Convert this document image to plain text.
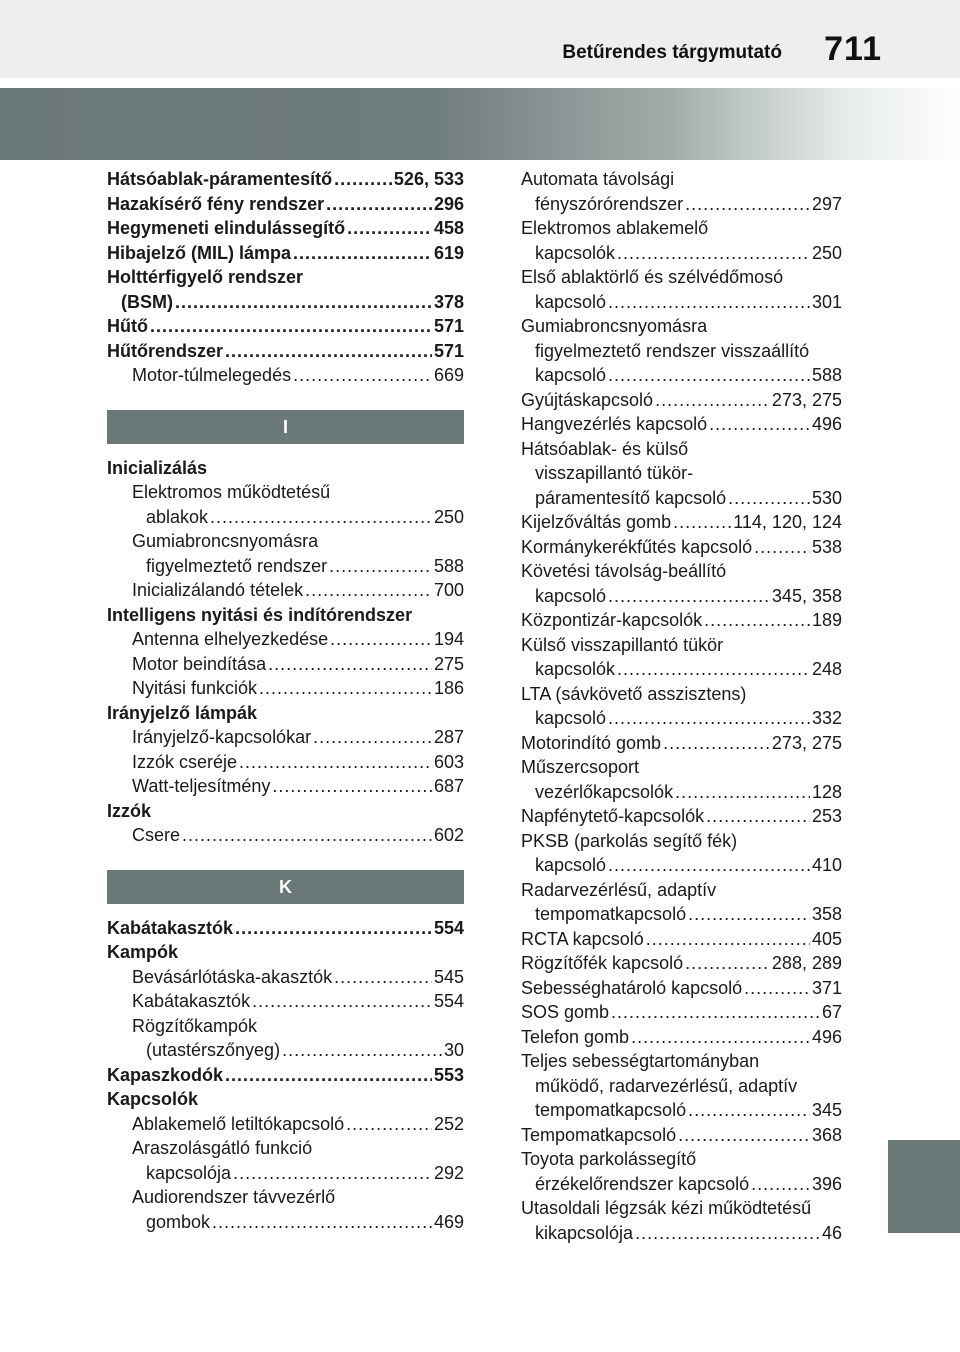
Betűrendes tárgymutató 711
Hátsóablak-páramentesítő .....	526, 533
Hazakísérő fény rendszer .....	296
Hegymeneti elindulássegítő .....	458
Hibajelző (MIL) lámpa .....	619
Holttérfigyelő rendszer
(BSM) .....	378
Hűtő .....	571
Hűtőrendszer .....	571
Motor-túlmelegedés .....	669
I
Inicializálás
Elektromos működtetésű
ablakok .....	250
Gumiabroncsnyomásra
figyelmeztető rendszer .....	588
Inicializálandó tételek .....	700
Intelligens nyitási és indítórendszer
Antenna elhelyezkedése .....	194
Motor beindítása .....	275
Nyitási funkciók .....	186
Irányjelző lámpák
Irányjelző-kapcsolókar .....	287
Izzók cseréje .....	603
Watt-teljesítmény .....	687
Izzók
Csere .....	602
K
Kabátakasztók .....	554
Kampók
Bevásárlótáska-akasztók .....	545
Kabátakasztók .....	554
Rögzítőkampók
(utastérszőnyeg) .....	30
Kapaszkodók .....	553
Kapcsolók
Ablakemelő letiltókapcsoló .....	252
Araszolásgátló funkció
kapcsolója .....	292
Audiorendszer távvezérlő
gombok .....	469
Automata távolsági
fényszórórendszer .....	297
Elektromos ablakemelő
kapcsolók .....	250
Első ablaktörlő és szélvédőmosó
kapcsoló .....	301
Gumiabroncsnyomásra
figyelmeztető rendszer visszaállító
kapcsoló .....	588
Gyújtáskapcsoló .....	273, 275
Hangvezérlés kapcsoló .....	496
Hátsóablak- és külső
visszapillantó tükör-
páramentesítő kapcsoló .....	530
Kijelzőváltás gomb .....	114, 120, 124
Kormánykerékfűtés kapcsoló .....	538
Követési távolság-beállító
kapcsoló .....	345, 358
Központizár-kapcsolók .....	189
Külső visszapillantó tükör
kapcsolók .....	248
LTA (sávkövető asszisztens)
kapcsoló .....	332
Motorindító gomb .....	273, 275
Műszercsoport
vezérlőkapcsolók .....	128
Napfénytető-kapcsolók .....	253
PKSB (parkolás segítő fék)
kapcsoló .....	410
Radarvezérlésű, adaptív
tempomatkapcsoló .....	358
RCTA kapcsoló .....	405
Rögzítőfék kapcsoló .....	288, 289
Sebességhatároló kapcsoló .....	371
SOS gomb .....	67
Telefon gomb .....	496
Teljes sebességtartományban
működő, radarvezérlésű, adaptív
tempomatkapcsoló .....	345
Tempomatkapcsoló .....	368
Toyota parkolássegítő
érzékelőrendszer kapcsoló .....	396
Utasoldali légzsák kézi működtetésű
kikapcsolója .....	46
